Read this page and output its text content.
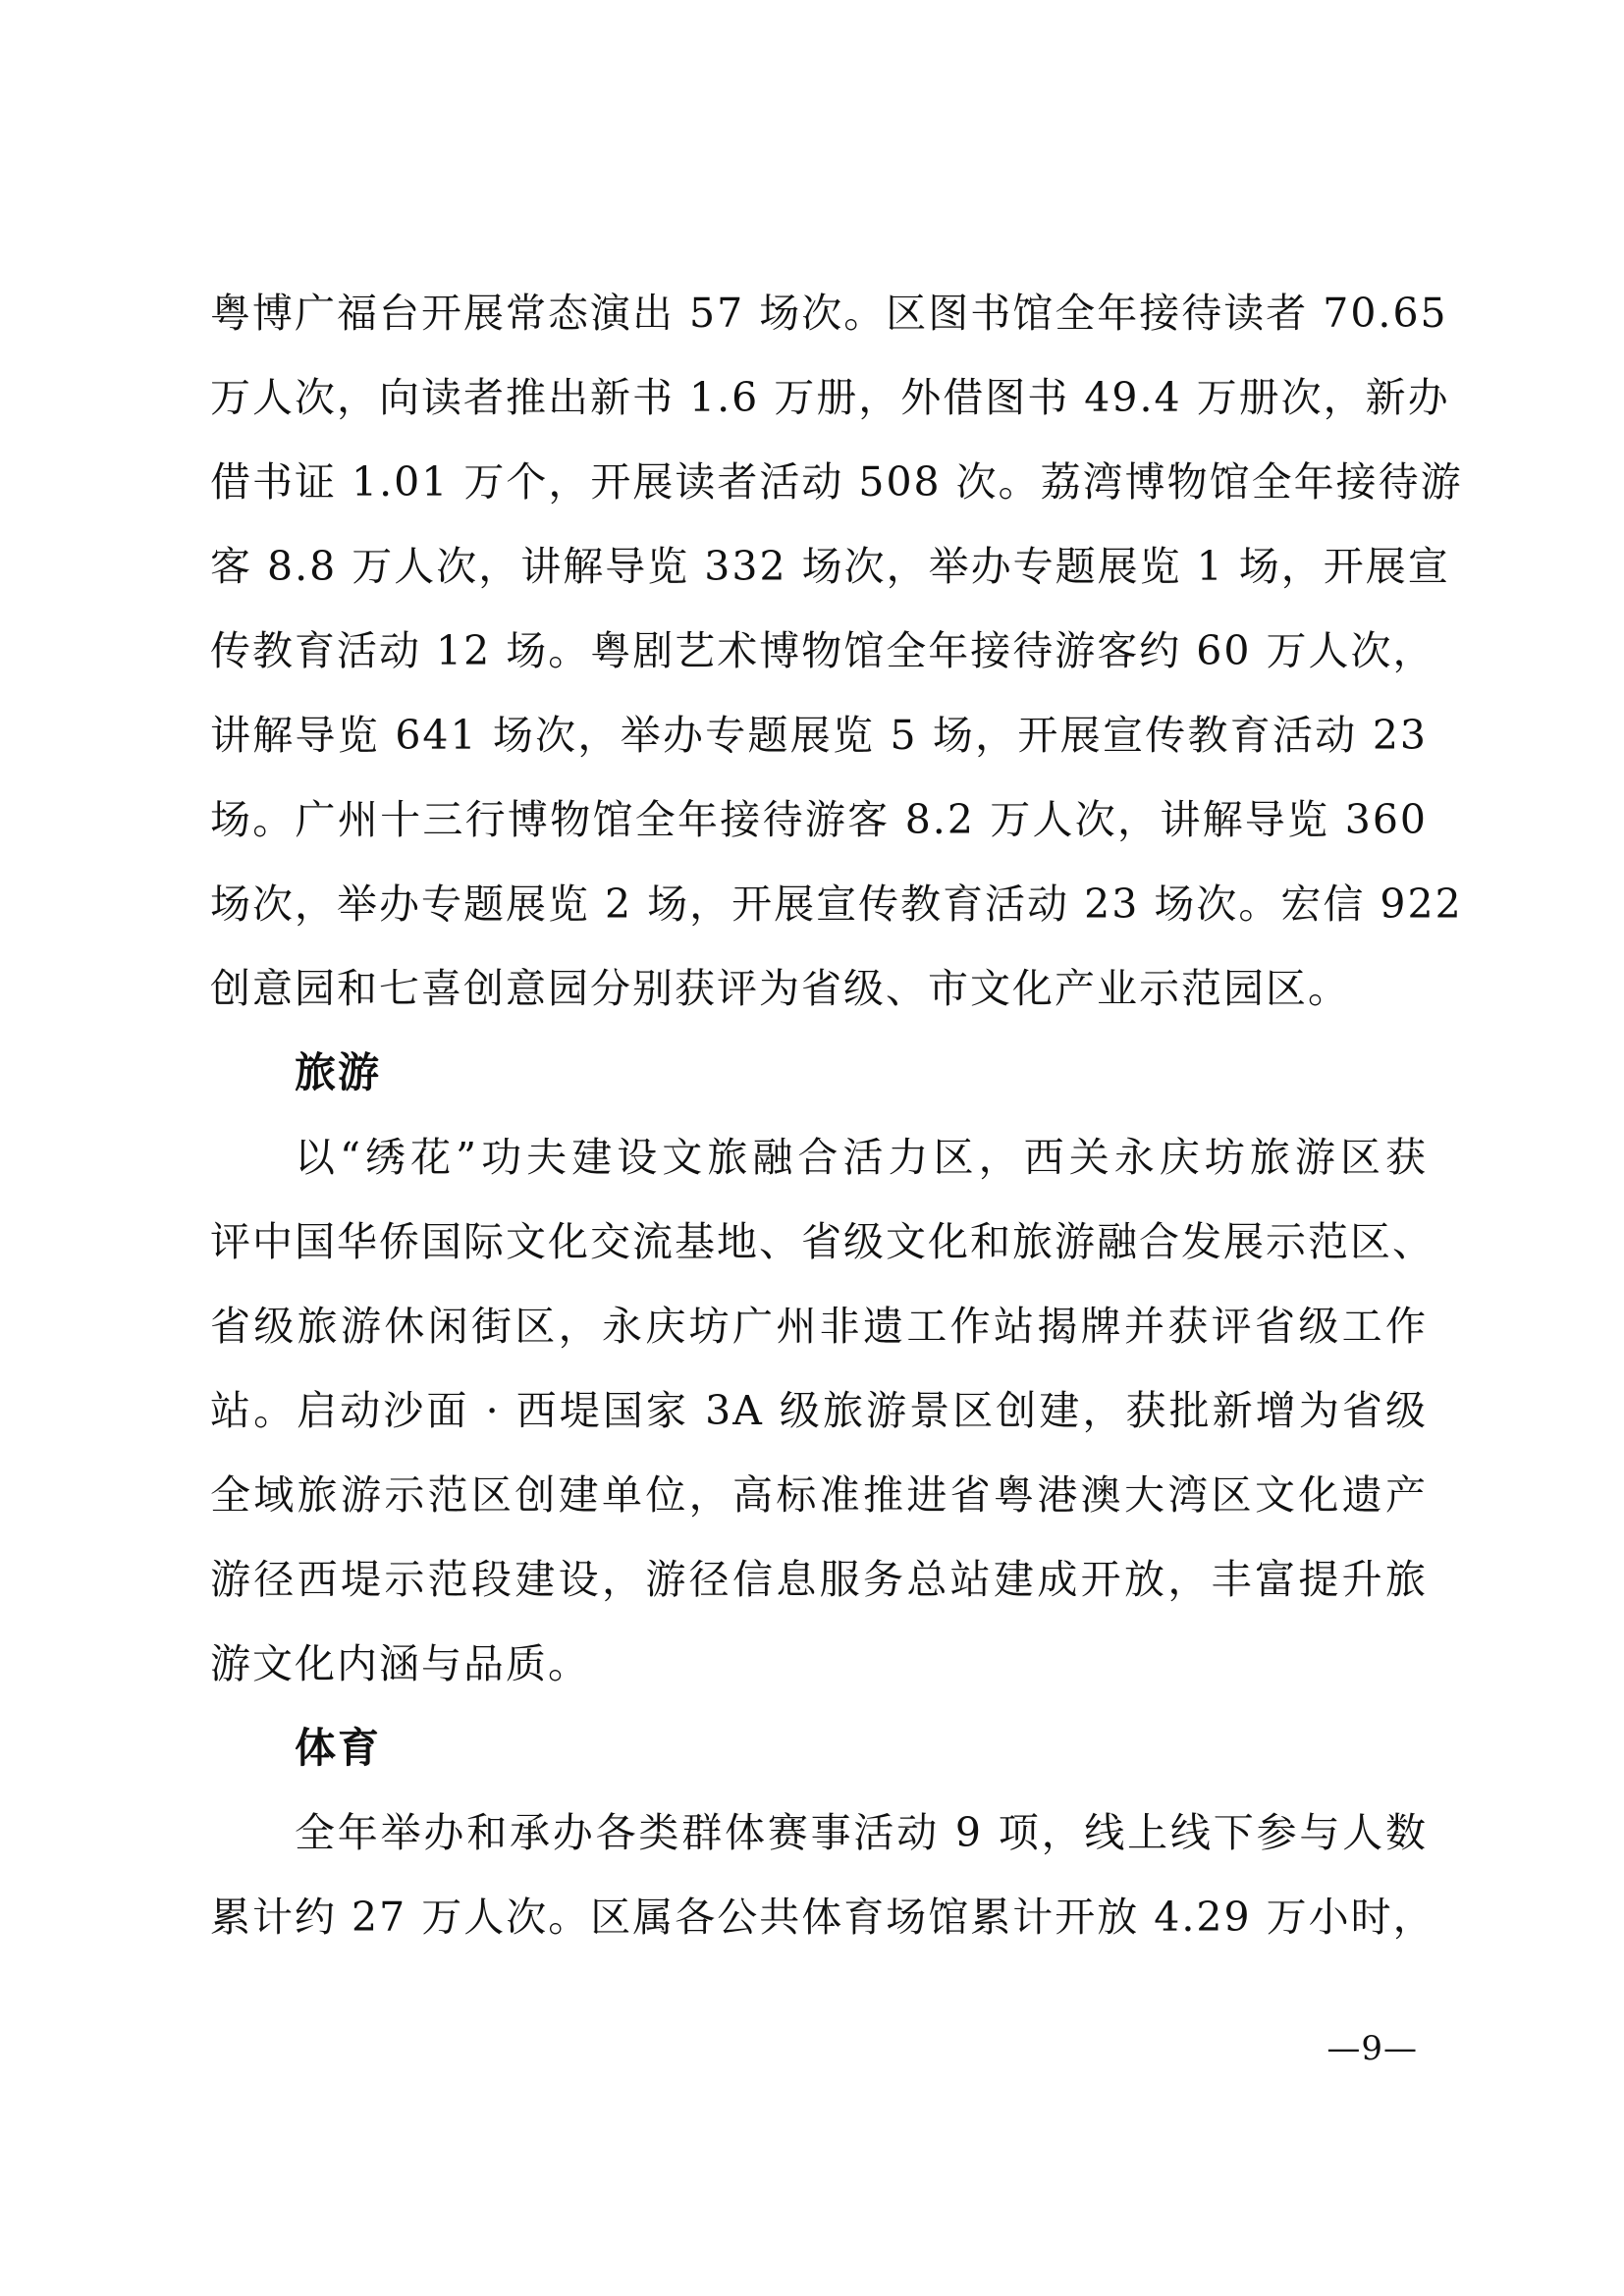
粤博广福台开展常态演出 57 场次。区图书馆全年接待读者 70.65
万人次，向读者推出新书 1.6 万册，外借图书 49.4 万册次，新办
借书证 1.01 万个，开展读者活动 508 次。荔湾博物馆全年接待游
客 8.8 万人次，讲解导览 332 场次，举办专题展览 1 场，开展宣
传教育活动 12 场。粤剧艺术博物馆全年接待游客约 60 万人次，
讲解导览 641 场次，举办专题展览 5 场，开展宣传教育活动 23
场。广州十三行博物馆全年接待游客 8.2 万人次，讲解导览 360
场次，举办专题展览 2 场，开展宣传教育活动 23 场次。宏信 922
创意园和七喜创意园分别获评为省级、市文化产业示范园区。
旅游
以“绣花”功夫建设文旅融合活力区，西关永庆坊旅游区获
评中国华侨国际文化交流基地、省级文化和旅游融合发展示范区、
省级旅游休闲街区，永庆坊广州非遗工作站揭牌并获评省级工作
站。启动沙面 · 西堤国家 3A 级旅游景区创建，获批新增为省级
全域旅游示范区创建单位，高标准推进省粤港澳大湾区文化遗产
游径西堤示范段建设，游径信息服务总站建成开放，丰富提升旅
游文化内涵与品质。
体育
全年举办和承办各类群体赛事活动 9 项，线上线下参与人数
累计约 27 万人次。区属各公共体育场馆累计开放 4.29 万小时，
—9—
